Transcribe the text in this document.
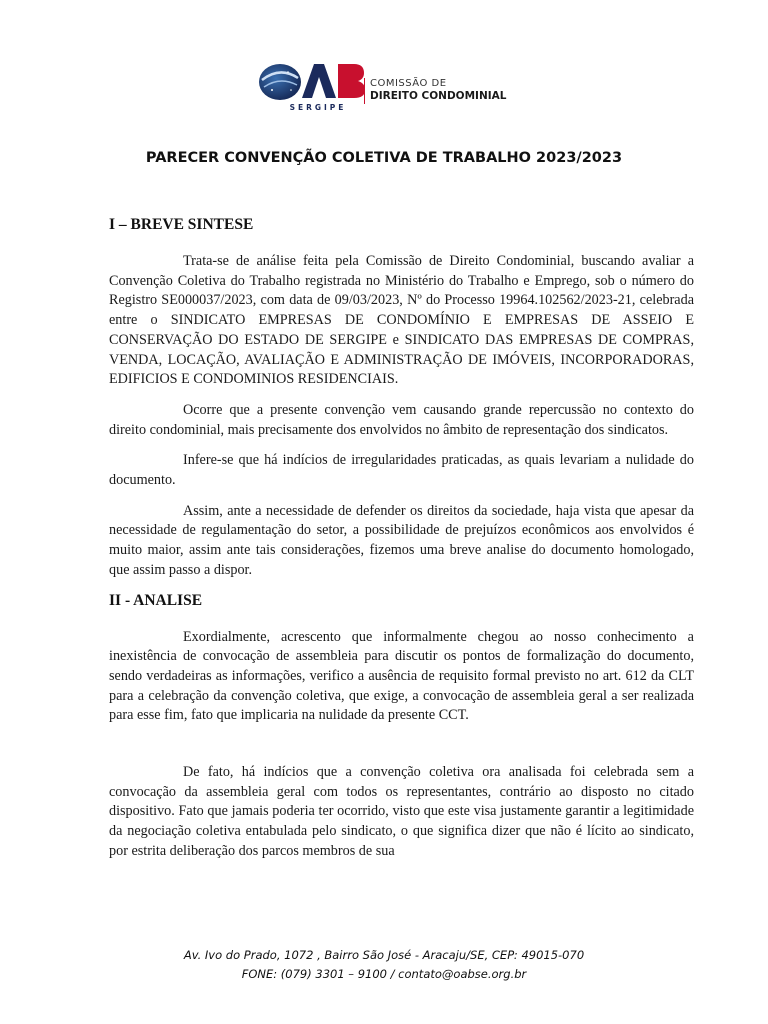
SERGIPE
COMISSÃO DE
DIREITO CONDOMINIAL
PARECER CONVENÇÃO COLETIVA DE TRABALHO 2023/2023
I – BREVE SINTESE

Trata-se de análise feita pela Comissão de Direito Condominial, buscando avaliar a Convenção Coletiva do Trabalho registrada no Ministério do Trabalho e Emprego, sob o número do Registro SE000037/2023, com data de 09/03/2023, Nº do Processo 19964.102562/2023-21, celebrada entre o SINDICATO EMPRESAS DE CONDOMÍNIO E EMPRESAS DE ASSEIO E CONSERVAÇÃO DO ESTADO DE SERGIPE e SINDICATO DAS EMPRESAS DE COMPRAS, VENDA, LOCAÇÃO, AVALIAÇÃO E ADMINISTRAÇÃO DE IMÓVEIS, INCORPORADORAS, EDIFICIOS E CONDOMINIOS RESIDENCIAIS.

Ocorre que a presente convenção vem causando grande repercussão no contexto do direito condominial, mais precisamente dos envolvidos no âmbito de representação dos sindicatos.

Infere-se que há indícios de irregularidades praticadas, as quais levariam a nulidade do documento.

Assim, ante a necessidade de defender os direitos da sociedade, haja vista que apesar da necessidade de regulamentação do setor, a possibilidade de prejuízos econômicos aos envolvidos é muito maior, assim ante tais considerações, fizemos uma breve analise do documento homologado, que assim passo a dispor.

II - ANALISE

Exordialmente, acrescento que informalmente chegou ao nosso conhecimento a inexistência de convocação de assembleia para discutir os pontos de formalização do documento, sendo verdadeiras as informações, verifico a ausência de requisito formal previsto no art. 612 da CLT para a celebração da convenção coletiva, que exige, a convocação de assembleia geral a ser realizada para esse fim, fato que implicaria na nulidade da presente CCT.

De fato, há indícios que a convenção coletiva ora analisada foi celebrada sem a convocação da assembleia geral com todos os representantes, contrário ao disposto no citado dispositivo. Fato que jamais poderia ter ocorrido, visto que este visa justamente garantir a legitimidade da negociação coletiva entabulada pelo sindicato, o que significa dizer que não é lícito ao sindicato, por estrita deliberação dos parcos membros de sua

Av. Ivo do Prado, 1072 , Bairro São José - Aracaju/SE, CEP: 49015-070
FONE: (079) 3301 – 9100 / contato@oabse.org.br
